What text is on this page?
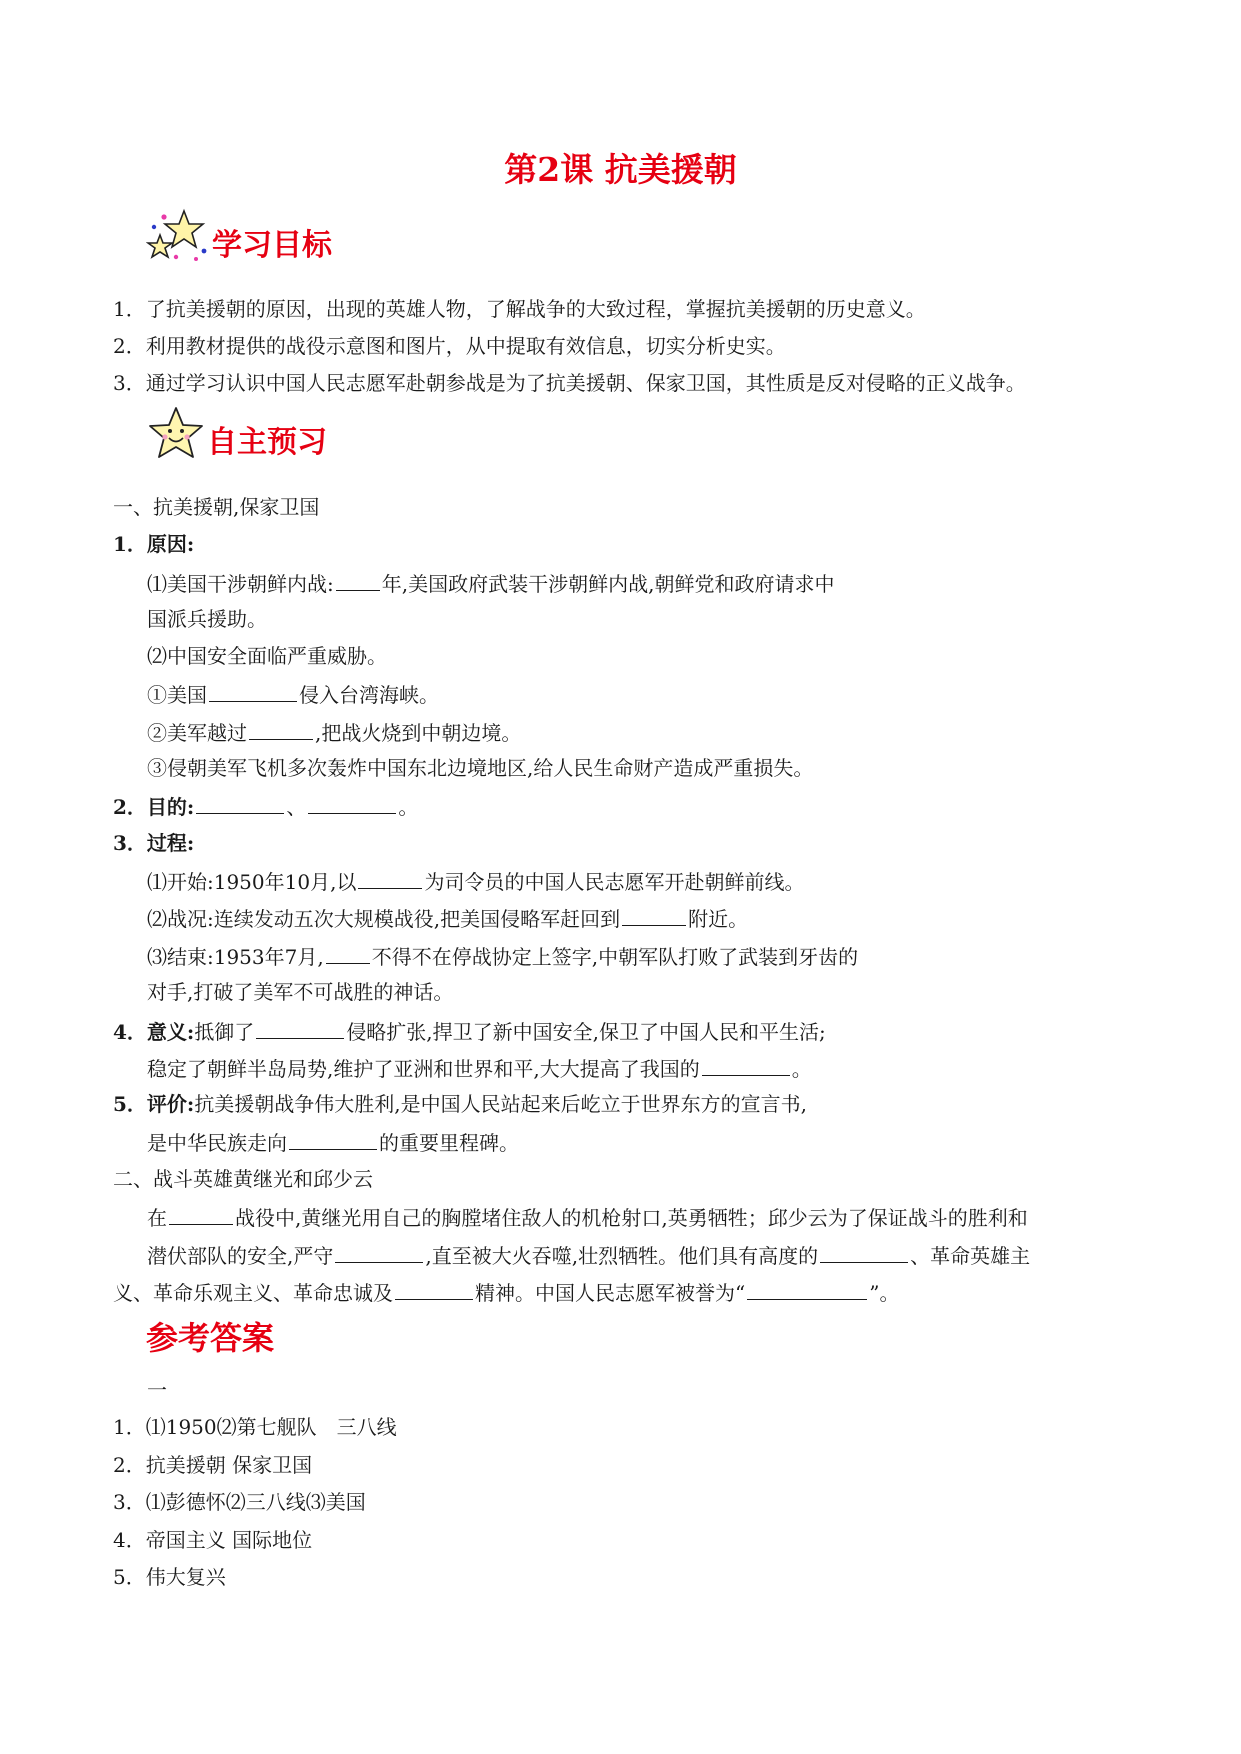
第2课 抗美援朝
学习目标
1．了抗美援朝的原因，出现的英雄人物，了解战争的大致过程，掌握抗美援朝的历史意义。
2．利用教材提供的战役示意图和图片，从中提取有效信息，切实分析史实。
3．通过学习认识中国人民志愿军赴朝参战是为了抗美援朝、保家卫国，其性质是反对侵略的正义战争。
自主预习
一、抗美援朝,保家卫国
1．原因:
⑴美国干涉朝鲜内战: 年,美国政府武装干涉朝鲜内战,朝鲜党和政府请求中
国派兵援助。
⑵中国安全面临严重威胁。
①美国	侵入台湾海峡。
②美军越过	,把战火烧到中朝边境。
③侵朝美军飞机多次轰炸中国东北边境地区,给人民生命财产造成严重损失。
2．目的:	、	。
3．过程:
⑴开始:1950年10月,以	为司令员的中国人民志愿军开赴朝鲜前线。
⑵战况:连续发动五次大规模战役,把美国侵略军赶回到	附近。
⑶结束:1953年7月, 不得不在停战协定上签字,中朝军队打败了武装到牙齿的
对手,打破了美军不可战胜的神话。
4．意义:抵御了	侵略扩张,捍卫了新中国安全,保卫了中国人民和平生活;
稳定了朝鲜半岛局势,维护了亚洲和世界和平,大大提高了我国的	。
5．评价:抗美援朝战争伟大胜利,是中国人民站起来后屹立于世界东方的宣言书,
是中华民族走向	的重要里程碑。
二、战斗英雄黄继光和邱少云
在	战役中,黄继光用自己的胸膛堵住敌人的机枪射口,英勇牺牲；邱少云为了保证战斗的胜利和
潜伏部队的安全,严守	,直至被大火吞噬,壮烈牺牲。他们具有高度的	、革命英雄主
义、革命乐观主义、革命忠诚及	精神。中国人民志愿军被誉为“	”。
参考答案
一
1．⑴1950⑵第七舰队　三八线
2．抗美援朝 保家卫国
3．⑴彭德怀⑵三八线⑶美国
4．帝国主义 国际地位
5．伟大复兴
